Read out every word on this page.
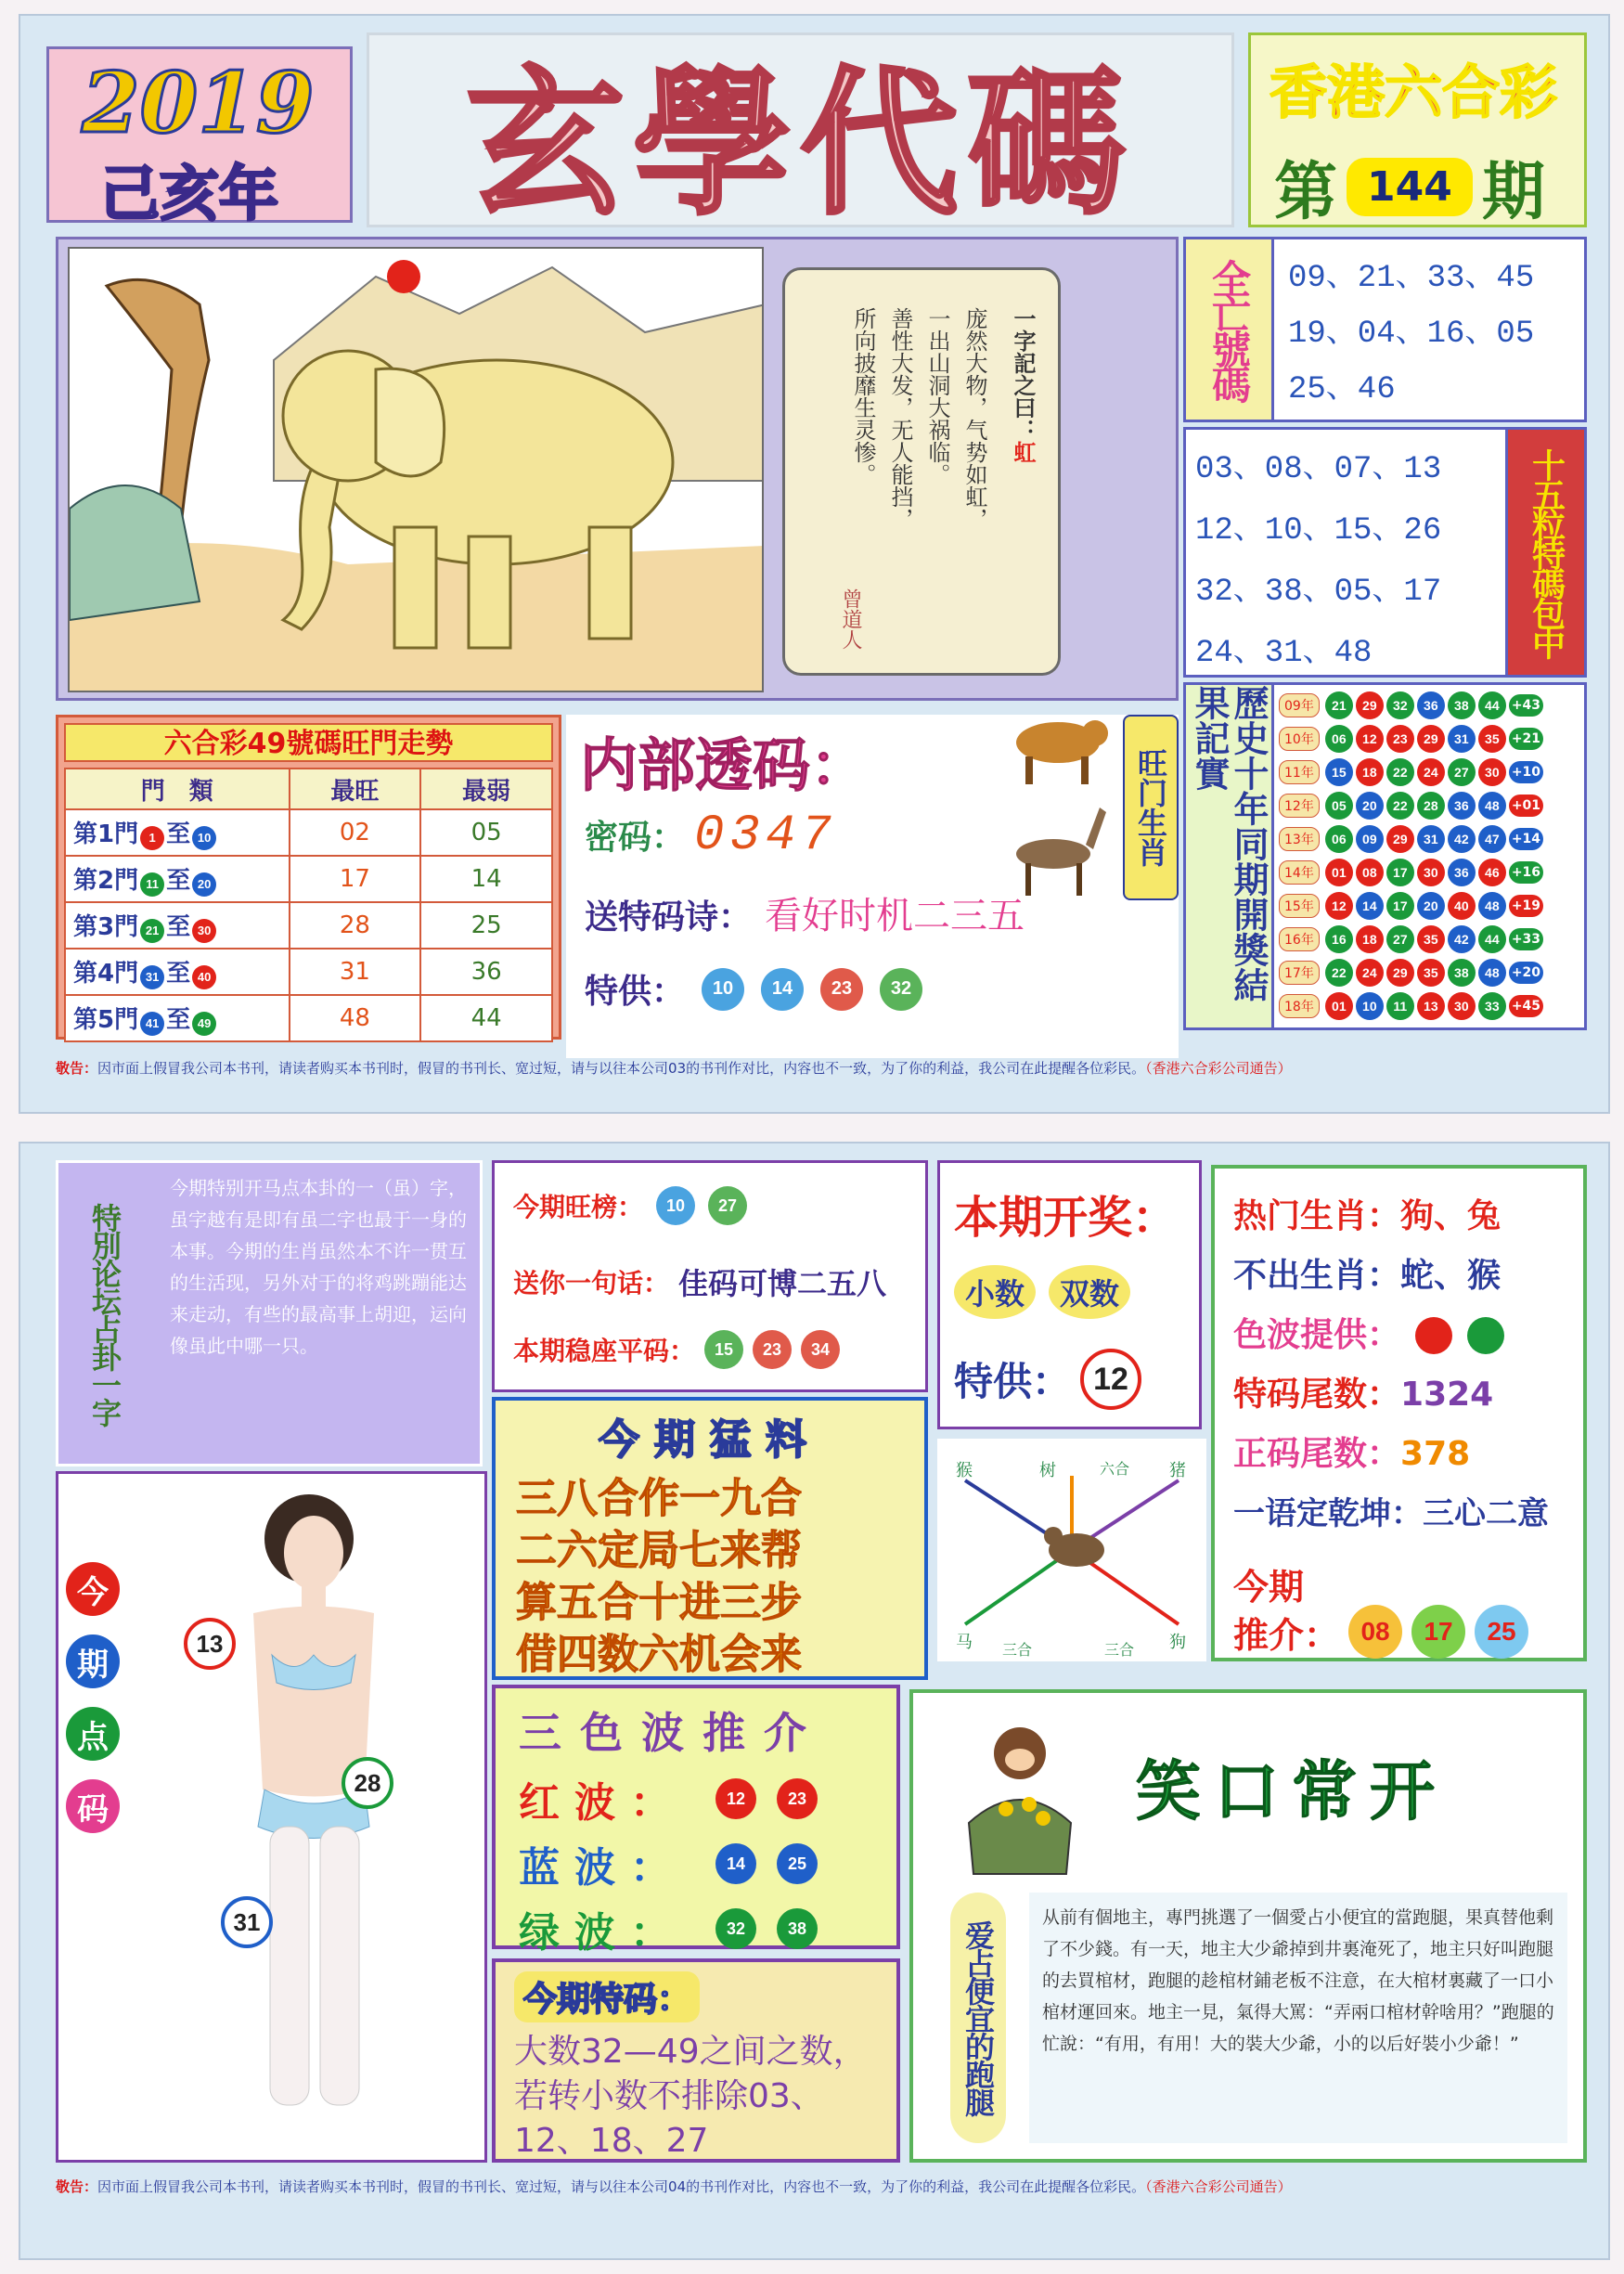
2019
己亥年 玄學代碼 香港六合彩
第 144 期
一字記之曰：虹
庞然大物，气势如虹，
一出山洞大祸临。
善性大发，无人能挡，
所向披靡生灵惨。
曾道人
全亡號碼	09、21、33、45
19、04、16、05
25、46
03、08、07、13
12、10、15、26
32、38、05、17
24、31、48	十五粒特碼包中
六合彩49號碼旺門走勢
門　類	最旺	最弱
第1門 1 至 10	02	05
第2門 11 至 20	17	14
第3門 21 至 30	28	25
第4門 31 至 40	31	36
第5門 41 至 49	48	44
内部透码：
密码： 0347
送特码诗： 看好时机二三五
特供：	10	14	23	32
旺门生肖	歷史十年同期開獎結果記實	09年	21	29	32	36	38	44 +43
10年	06	12	23	29	31	35 +21
11年	15	18	22	24	27	30 +10
12年	05	20	22	28	36	48 +01
13年	06	09	29	31	42	47 +14
14年	01	08	17	30	36	46 +16
15年	12	14	17	20	40	48 +19
16年	16	18	27	35	42	44 +33
17年	22	24	29	35	38	48 +20
18年	01	10	11	13	30	33 +45
敬告：因市面上假冒我公司本书刊，请读者购买本书刊时，假冒的书刊长、宽过短，请与以往本公司03的书刊作对比，内容也不一致，为了你的利益，我公司在此提醒各位彩民。（香港六合彩公司通告）
特別论坛占卦一字
今期特别开马点本卦的一（虽）字，虽字越有是即有虽二字也最于一身的本事。今期的生肖虽然本不许一贯互的生活现，另外对于的将鸡跳蹦能达来走动，有些的最高事上胡迎，运向像虽此中哪一只。
今期旺榜：	10	27
送你一句话： 佳码可博二五八
本期稳座平码：	15	23	34
本期开奖：
小数	双数
特供： 12
热门生肖：狗、兔
不出生肖：蛇、猴
色波提供：
特码尾数：1324
正码尾数：378
一语定乾坤：三心二意
今期
推介： 08	17	25
今期猛料
三八合作一九合
二六定局七来帮
算五合十进三步
借四数六机会来
猴	树	六合 猪
马 三合	三合 狗
今
期
点
码
13
28
31
三色波推介
红波：	12	23
蓝波：	14	25
绿波：	32	38
今期特码：
大数32—49之间之数，若转小数不排除03、12、18、27
笑口常开
爱占便宜的跑腿
从前有個地主，專門挑選了一個愛占小便宜的當跑腿，果真替他剩了不少錢。有一天，地主大少爺掉到井裏淹死了，地主只好叫跑腿的去買棺材，跑腿的趁棺材鋪老板不注意，在大棺材裏藏了一口小棺材運回來。地主一見，氣得大罵：“弄兩口棺材幹啥用？”跑腿的忙說：“有用，有用！大的裝大少爺，小的以后好裝小少爺！”
敬告：因市面上假冒我公司本书刊，请读者购买本书刊时，假冒的书刊长、宽过短，请与以往本公司04的书刊作对比，内容也不一致，为了你的利益，我公司在此提醒各位彩民。（香港六合彩公司通告）
